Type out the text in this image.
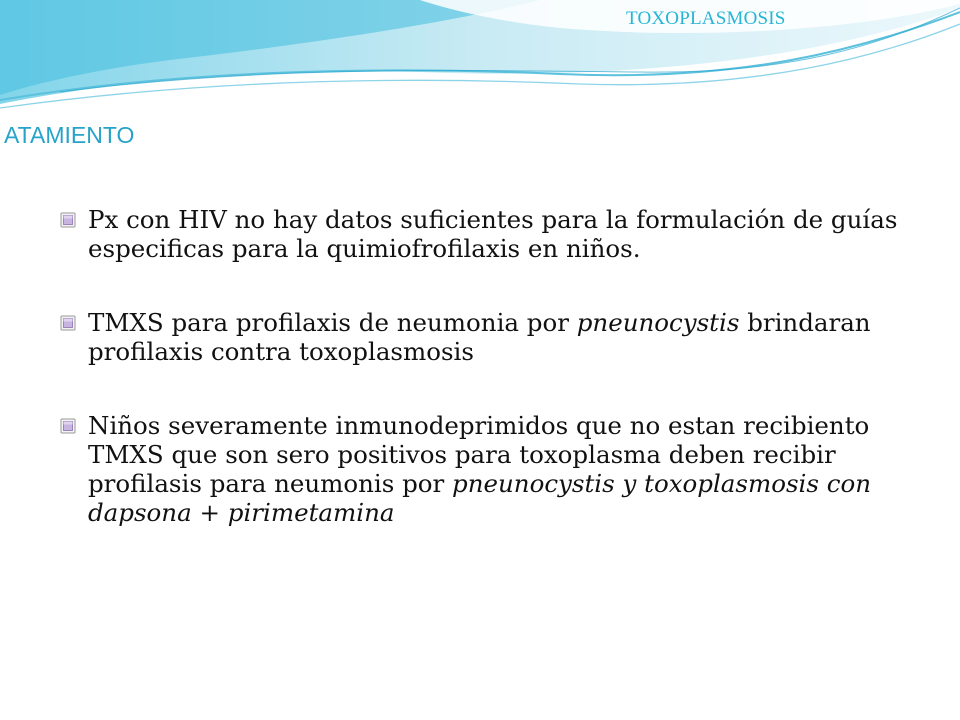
TOXOPLASMOSIS
ATAMIENTO
Px con HIV no hay datos suficientes para la formulación de guías especificas para la quimiofrofilaxis en niños.
TMXS para profilaxis de neumonia por pneunocystis brindaran profilaxis contra toxoplasmosis
Niños severamente inmunodeprimidos que no estan recibiento TMXS que son sero positivos para toxoplasma deben recibir profilasis para neumonis por pneunocystis y toxoplasmosis con dapsona + pirimetamina
